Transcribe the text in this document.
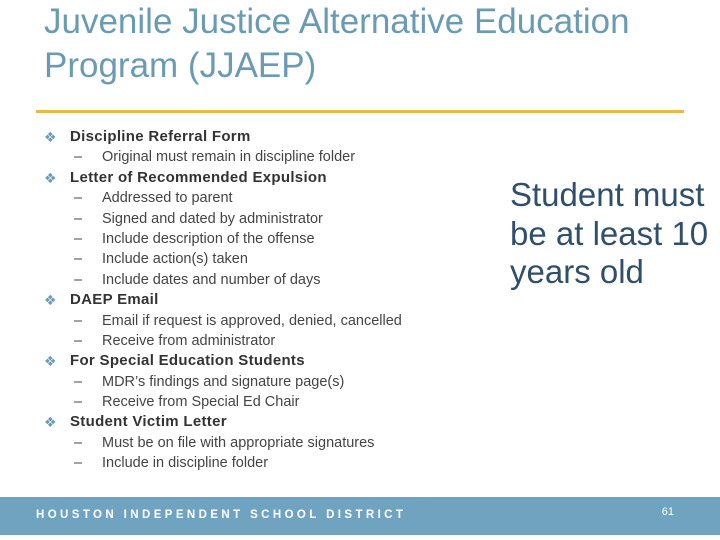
Juvenile Justice Alternative Education Program (JJAEP)
❖ Discipline Referral Form
–	Original must remain in discipline folder
❖ Letter of Recommended Expulsion
–	Addressed to parent
–	Signed and dated by administrator
–	Include description of the offense
–	Include action(s) taken
–	Include dates and number of days
❖ DAEP Email
–	Email if request is approved, denied, cancelled
–	Receive from administrator
❖ For Special Education Students
–	MDR’s findings and signature page(s)
–	Receive from Special Ed Chair
❖ Student Victim Letter
–	Must be on file with appropriate signatures
–	Include in discipline folder
Student must be at least 10 years old
HOUSTON INDEPENDENT SCHOOL DISTRICT	61
